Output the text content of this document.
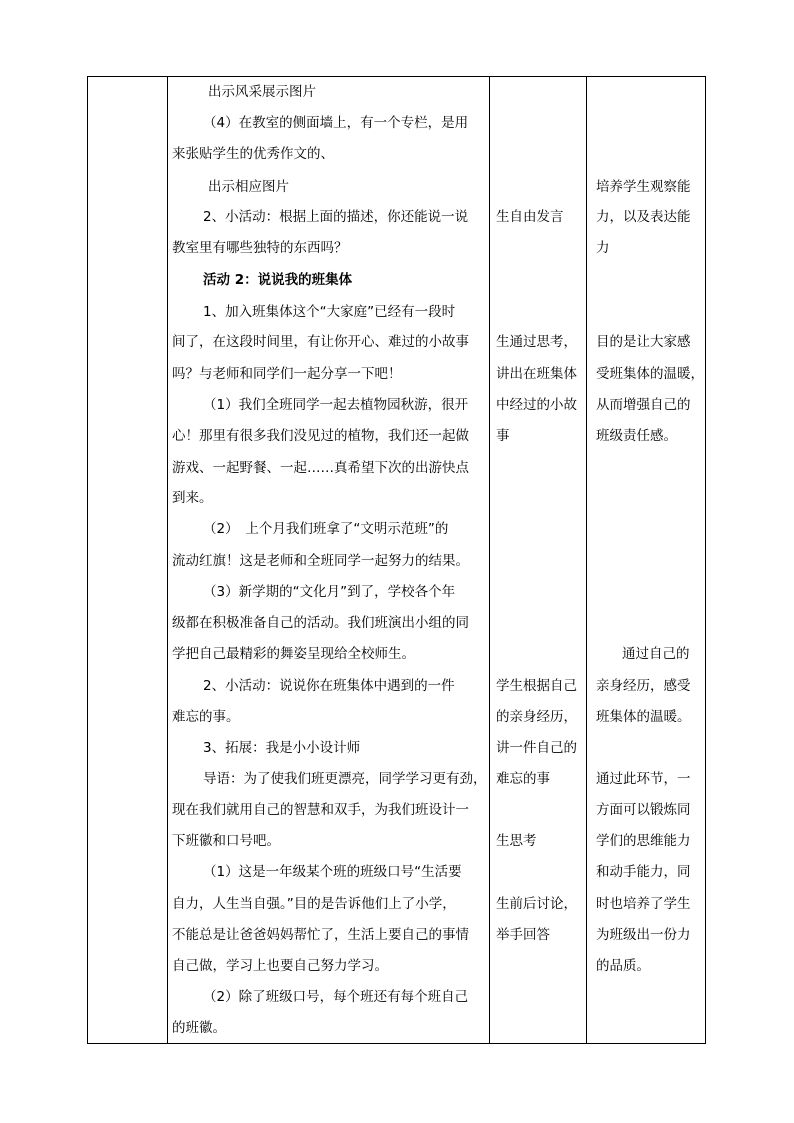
出示风采展示图片
（4）在教室的侧面墙上，有一个专栏，是用
来张贴学生的优秀作文的、
出示相应图片
2、小活动：根据上面的描述，你还能说一说
教室里有哪些独特的东西吗？
活动 2：说说我的班集体
1、加入班集体这个“大家庭”已经有一段时
间了，在这段时间里，有让你开心、难过的小故事
吗？与老师和同学们一起分享一下吧！
（1）我们全班同学一起去植物园秋游，很开
心！那里有很多我们没见过的植物，我们还一起做
游戏、一起野餐、一起……真希望下次的出游快点
到来。
（2）　上个月我们班拿了“文明示范班”的
流动红旗！这是老师和全班同学一起努力的结果。
（3）新学期的“文化月”到了，学校各个年
级都在积极准备自己的活动。我们班演出小组的同
学把自己最精彩的舞姿呈现给全校师生。
2、小活动：说说你在班集体中遇到的一件
难忘的事。
3、拓展：我是小小设计师
导语：为了使我们班更漂亮，同学学习更有劲，
现在我们就用自己的智慧和双手，为我们班设计一
下班徽和口号吧。
（1）这是一年级某个班的班级口号“生活要
自力，人生当自强。”目的是告诉他们上了小学，
不能总是让爸爸妈妈帮忙了，生活上要自己的事情
自己做，学习上也要自己努力学习。
（2）除了班级口号，每个班还有每个班自己
的班徽。
生自由发言
生通过思考，
讲出在班集体
中经过的小故
事
学生根据自己
的亲身经历，
讲一件自己的
难忘的事
生思考
生前后讨论，
举手回答
培养学生观察能
力，以及表达能
力
目的是让大家感
受班集体的温暖，
从而增强自己的
班级责任感。
通过自己的
亲身经历，感受
班集体的温暖。
通过此环节，一
方面可以锻炼同
学们的思维能力
和动手能力，同
时也培养了学生
为班级出一份力
的品质。
